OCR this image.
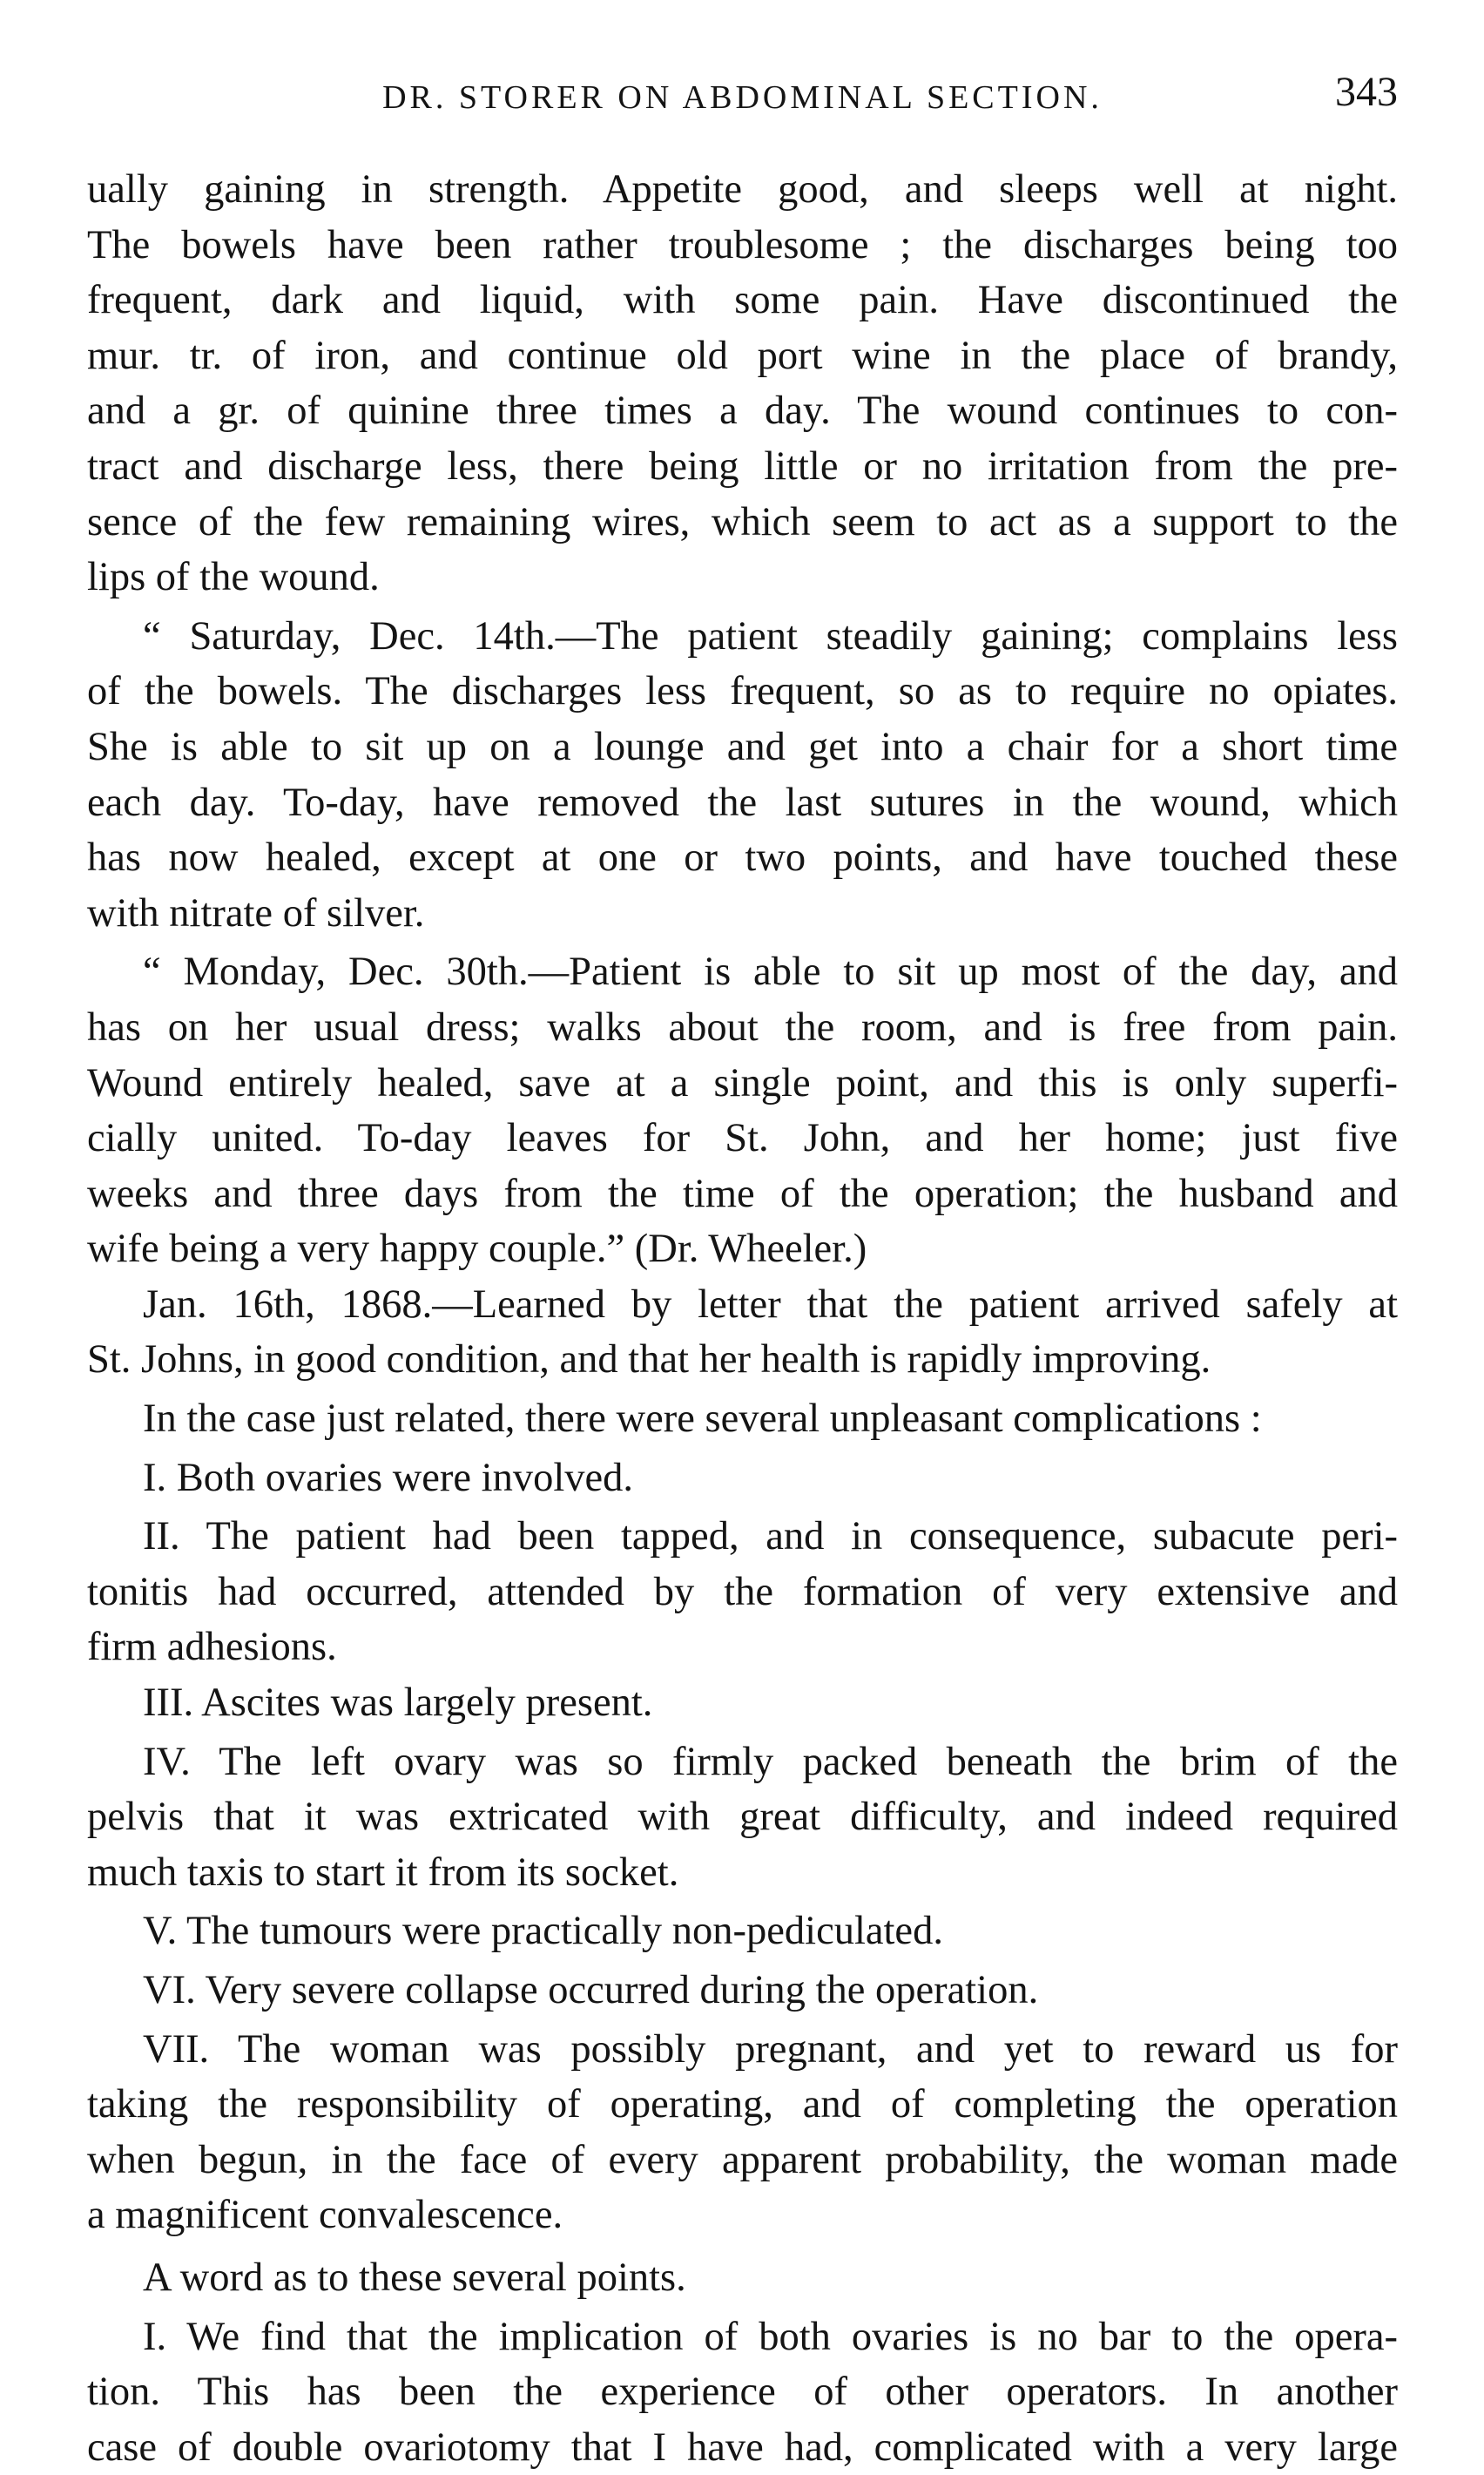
DR. STORER ON ABDOMINAL SECTION.	343

ually gaining in strength. Appetite good, and sleeps well at night.

The bowels have been rather troublesome ; the discharges being too

frequent, dark and liquid, with some pain. Have discontinued the

mur. tr. of iron, and continue old port wine in the place of brandy,

and a gr. of quinine three times a day. The wound continues to con-

tract and discharge less, there being little or no irritation from the pre-

sence of the few remaining wires, which seem to act as a support to the

lips of the wound.

“ Saturday, Dec. 14th.—The patient steadily gaining; complains less

of the bowels. The discharges less frequent, so as to require no opiates.

She is able to sit up on a lounge and get into a chair for a short time

each day. To-day, have removed the last sutures in the wound, which

has now healed, except at one or two points, and have touched these

with nitrate of silver.

“ Monday, Dec. 30th.—Patient is able to sit up most of the day, and

has on her usual dress; walks about the room, and is free from pain.

Wound entirely healed, save at a single point, and this is only superfi-

cially united. To-day leaves for St. John, and her home; just five

weeks and three days from the time of the operation; the husband and

wife being a very happy couple.” (Dr. Wheeler.)

Jan. 16th, 1868.—Learned by letter that the patient arrived safely at

St. Johns, in good condition, and that her health is rapidly improving.

In the case just related, there were several unpleasant complications :

I. Both ovaries were involved.

II. The patient had been tapped, and in consequence, subacute peri-

tonitis had occurred, attended by the formation of very extensive and

firm adhesions.

III. Ascites was largely present.

IV. The left ovary was so firmly packed beneath the brim of the

pelvis that it was extricated with great difficulty, and indeed required

much taxis to start it from its socket.

V. The tumours were practically non-pediculated.

VI. Very severe collapse occurred during the operation.

VII. The woman was possibly pregnant, and yet to reward us for

taking the responsibility of operating, and of completing the operation

when begun, in the face of every apparent probability, the woman made

a magnificent convalescence.

A word as to these several points.

I. We find that the implication of both ovaries is no bar to the opera-

tion. This has been the experience of other operators. In another

case of double ovariotomy that I have had, complicated with a very large
